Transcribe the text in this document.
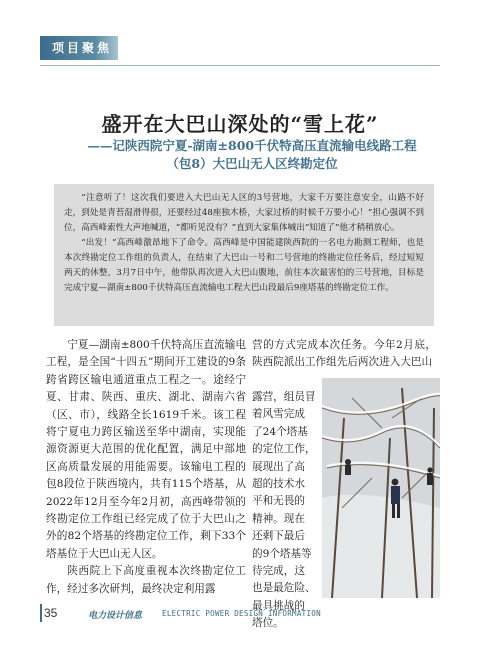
项目聚焦
盛开在大巴山深处的“雪上花”
——记陕西院宁夏-湖南±800千伏特高压直流输电线路工程
（包8）大巴山无人区终勘定位

“注意听了！这次我们要进入大巴山无人区的3号营地，大家千万要注意安全，山路不好走，到处是青苔湿滑得很，还要经过48座独木桥，大家过桥的时候千万要小心！”担心强调不到位，高西峰索性大声地喊道，“都听见没有？”直到大家集体喊出“知道了”他才稍稍放心。

“出发！”高西峰激昂地下了命令。高西峰是中国能建陕西院的一名电力勘测工程师，也是本次终勘定位工作组的负责人，在结束了大巴山一号和二号营地的终勘定位任务后，经过短短两天的休整，3月7日中午，他带队再次进入大巴山腹地，前往本次最害怕的三号营地，目标是完成宁夏—湖南±800千伏特高压直流输电工程大巴山段最后9座塔基的终勘定位工作。

宁夏—湖南±800千伏特高压直流输电工程，是全国“十四五”期间开工建设的9条跨省跨区输电通道重点工程之一。途经宁夏、甘肃、陕西、重庆、湖北、湖南六省（区、市），线路全长1619千米。该工程将宁夏电力跨区输送至华中湖南，实现能源资源更大范围的优化配置，满足中部地区高质量发展的用能需要。该输电工程的包8段位于陕西境内，共有115个塔基，从2022年12月至今年2月初，高西峰带领的终勘定位工作组已经完成了位于大巴山之外的82个塔基的终勘定位工作，剩下33个塔基位于大巴山无人区。

陕西院上下高度重视本次终勘定位工作，经过多次研判，最终决定利用露

营的方式完成本次任务。今年2月底，陕西院派出工作组先后两次进入大巴山

露营，组员冒
着风雪完成
了24个塔基
的定位工作，
展现出了高
超的技术水
平和无畏的
精神。现在
还剩下最后
的9个塔基等
待完成，这
也是最危险、
最具挑战的
塔位。
35	电力设计信息	ELECTRIC POWER DESIGN INFORMATION
